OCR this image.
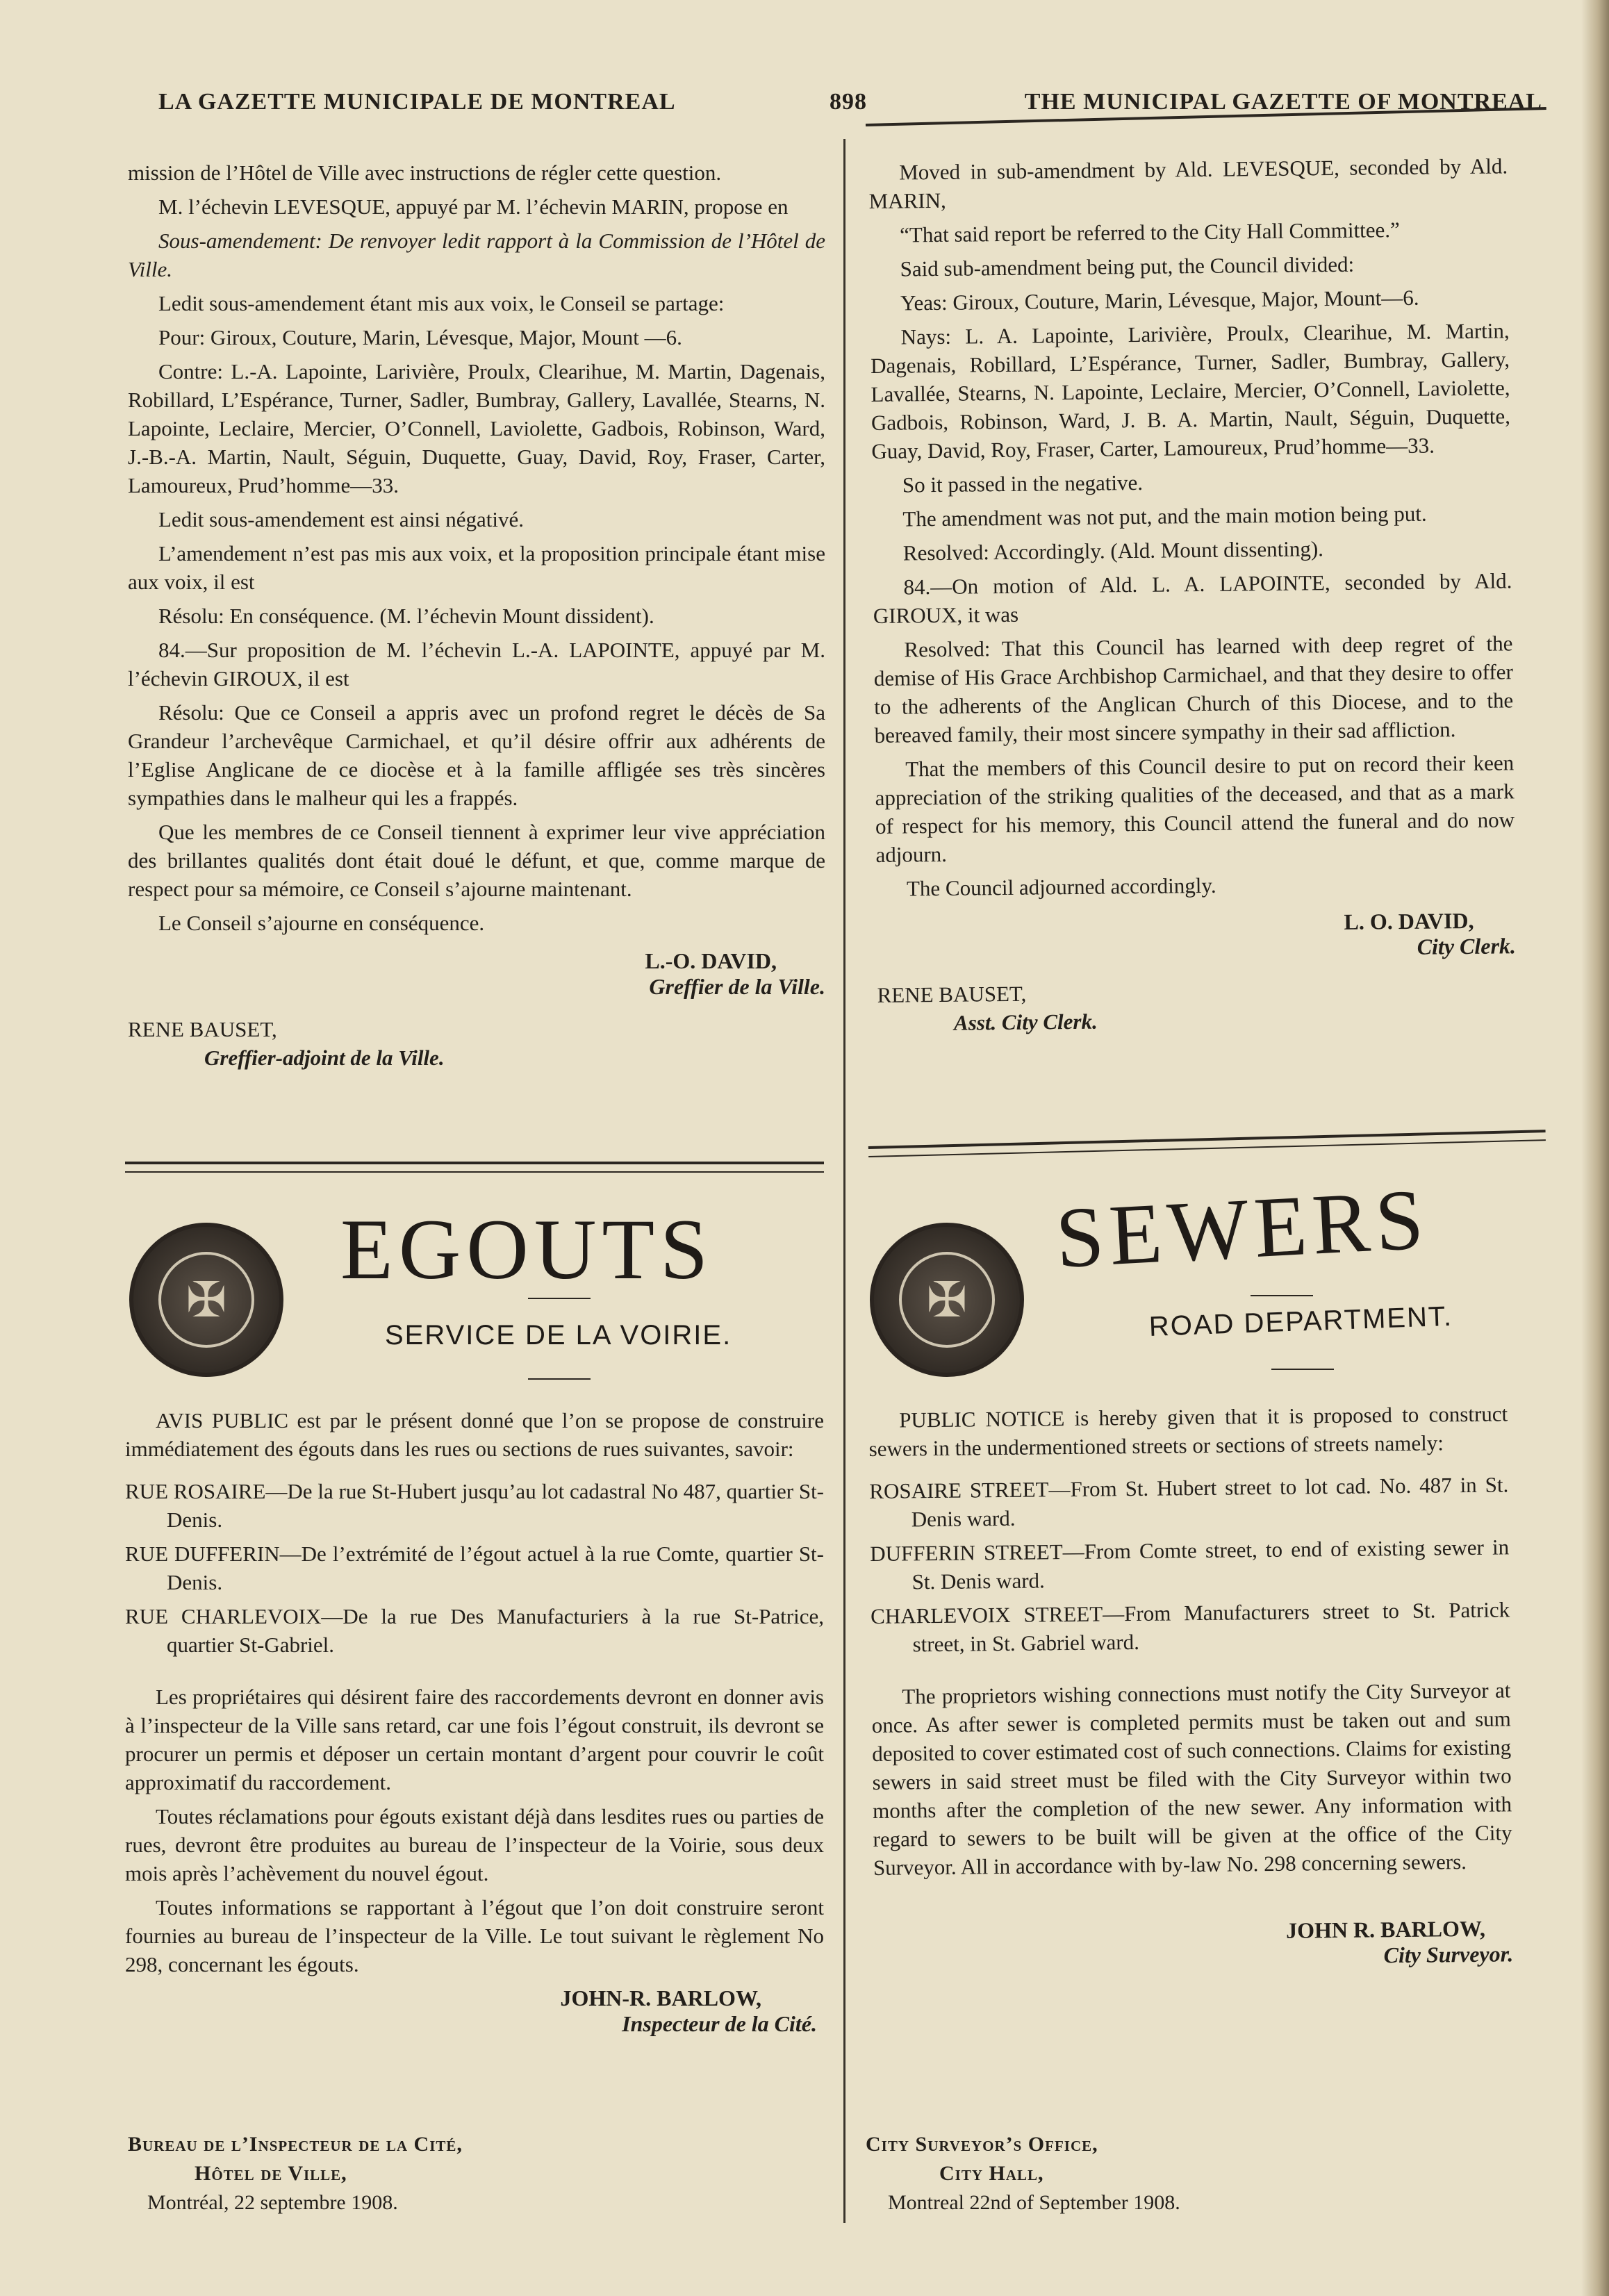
LA GAZETTE MUNICIPALE DE MONTREAL	898	THE MUNICIPAL GAZETTE OF MONTREAL

mission de l’Hôtel de Ville avec instructions de régler cette question.

M. l’échevin LEVESQUE, appuyé par M. l’échevin MARIN, propose en

Sous-amendement: De renvoyer ledit rapport à la Commission de l’Hôtel de Ville.

Ledit sous-amendement étant mis aux voix, le Conseil se partage:

Pour: Giroux, Couture, Marin, Lévesque, Major, Mount —6.

Contre: L.-A. Lapointe, Larivière, Proulx, Clearihue, M. Martin, Dagenais, Robillard, L’Espérance, Turner, Sadler, Bumbray, Gallery, Lavallée, Stearns, N. Lapointe, Leclaire, Mercier, O’Connell, Laviolette, Gadbois, Robinson, Ward, J.-B.-A. Martin, Nault, Séguin, Duquette, Guay, David, Roy, Fraser, Carter, Lamoureux, Prud’homme—33.

Ledit sous-amendement est ainsi négativé.

L’amendement n’est pas mis aux voix, et la proposition principale étant mise aux voix, il est

Résolu: En conséquence. (M. l’échevin Mount dissident).

84.—Sur proposition de M. l’échevin L.-A. LAPOINTE, appuyé par M. l’échevin GIROUX, il est

Résolu: Que ce Conseil a appris avec un profond regret le décès de Sa Grandeur l’archevêque Carmichael, et qu’il désire offrir aux adhérents de l’Eglise Anglicane de ce diocèse et à la famille affligée ses très sincères sympathies dans le malheur qui les a frappés.

Que les membres de ce Conseil tiennent à exprimer leur vive appréciation des brillantes qualités dont était doué le défunt, et que, comme marque de respect pour sa mémoire, ce Conseil s’ajourne maintenant.

Le Conseil s’ajourne en conséquence.

L.-O. DAVID,
Greffier de la Ville.
RENE BAUSET,
Greffier-adjoint de la Ville.

Moved in sub-amendment by Ald. LEVESQUE, seconded by Ald. MARIN,

“That said report be referred to the City Hall Committee.”

Said sub-amendment being put, the Council divided:

Yeas: Giroux, Couture, Marin, Lévesque, Major, Mount—6.

Nays: L. A. Lapointe, Larivière, Proulx, Clearihue, M. Martin, Dagenais, Robillard, L’Espérance, Turner, Sadler, Bumbray, Gallery, Lavallée, Stearns, N. Lapointe, Leclaire, Mercier, O’Connell, Laviolette, Gadbois, Robinson, Ward, J. B. A. Martin, Nault, Séguin, Duquette, Guay, David, Roy, Fraser, Carter, Lamoureux, Prud’homme—33.

So it passed in the negative.

The amendment was not put, and the main motion being put.

Resolved: Accordingly. (Ald. Mount dissenting).

84.—On motion of Ald. L. A. LAPOINTE, seconded by Ald. GIROUX, it was

Resolved: That this Council has learned with deep regret of the demise of His Grace Archbishop Carmichael, and that they desire to offer to the adherents of the Anglican Church of this Diocese, and to the bereaved family, their most sincere sympathy in their sad affliction.

That the members of this Council desire to put on record their keen appreciation of the striking qualities of the deceased, and that as a mark of respect for his memory, this Council attend the funeral and do now adjourn.

The Council adjourned accordingly.

L. O. DAVID,
City Clerk.
RENE BAUSET,
Asst. City Clerk.
✠
EGOUTS
SERVICE DE LA VOIRIE.
✠
SEWERS
ROAD DEPARTMENT.

AVIS PUBLIC est par le présent donné que l’on se propose de construire immédiatement des égouts dans les rues ou sections de rues suivantes, savoir:

RUE ROSAIRE—De la rue St-Hubert jusqu’au lot cadastral No 487, quartier St-Denis.

RUE DUFFERIN—De l’extrémité de l’égout actuel à la rue Comte, quartier St-Denis.

RUE CHARLEVOIX—De la rue Des Manufacturiers à la rue St-Patrice, quartier St-Gabriel.

Les propriétaires qui désirent faire des raccordements devront en donner avis à l’inspecteur de la Ville sans retard, car une fois l’égout construit, ils devront se procurer un permis et déposer un certain montant d’argent pour couvrir le coût approximatif du raccordement.

Toutes réclamations pour égouts existant déjà dans lesdites rues ou parties de rues, devront être produites au bureau de l’inspecteur de la Voirie, sous deux mois après l’achèvement du nouvel égout.

Toutes informations se rapportant à l’égout que l’on doit construire seront fournies au bureau de l’inspecteur de la Ville. Le tout suivant le règlement No 298, concernant les égouts.

JOHN-R. BARLOW,
Inspecteur de la Cité.
Bureau de l’Inspecteur de la Cité,
Hôtel de Ville,
Montréal, 22 septembre 1908.

PUBLIC NOTICE is hereby given that it is proposed to construct sewers in the undermentioned streets or sections of streets namely:

ROSAIRE STREET—From St. Hubert street to lot cad. No. 487 in St. Denis ward.

DUFFERIN STREET—From Comte street, to end of existing sewer in St. Denis ward.

CHARLEVOIX STREET—From Manufacturers street to St. Patrick street, in St. Gabriel ward.

The proprietors wishing connections must notify the City Surveyor at once. As after sewer is completed permits must be taken out and sum deposited to cover estimated cost of such connections. Claims for existing sewers in said street must be filed with the City Surveyor within two months after the completion of the new sewer. Any information with regard to sewers to be built will be given at the office of the City Surveyor. All in accordance with by-law No. 298 concerning sewers.

JOHN R. BARLOW,
City Surveyor.
City Surveyor’s Office,
City Hall,
Montreal 22nd of September 1908.
